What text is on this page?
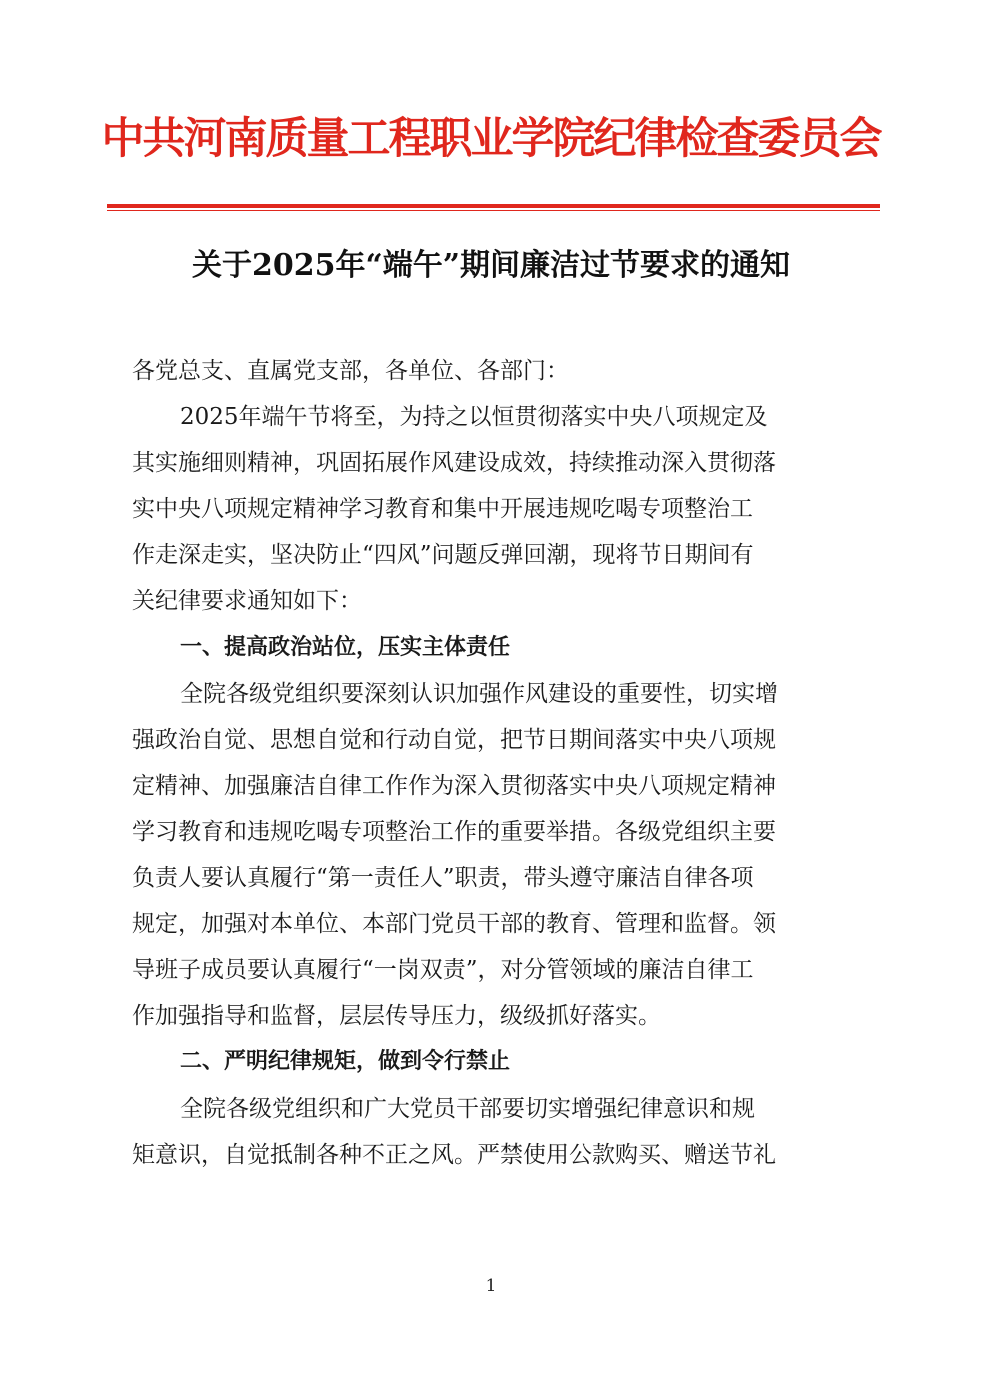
中共河南质量工程职业学院纪律检查委员会
关于2025年“端午”期间廉洁过节要求的通知
各党总支、直属党支部，各单位、各部门：
2025年端午节将至，为持之以恒贯彻落实中央八项规定及
其实施细则精神，巩固拓展作风建设成效，持续推动深入贯彻落
实中央八项规定精神学习教育和集中开展违规吃喝专项整治工
作走深走实，坚决防止“四风”问题反弹回潮，现将节日期间有
关纪律要求通知如下：
一、提高政治站位，压实主体责任
全院各级党组织要深刻认识加强作风建设的重要性，切实增
强政治自觉、思想自觉和行动自觉，把节日期间落实中央八项规
定精神、加强廉洁自律工作作为深入贯彻落实中央八项规定精神
学习教育和违规吃喝专项整治工作的重要举措。各级党组织主要
负责人要认真履行“第一责任人”职责，带头遵守廉洁自律各项
规定，加强对本单位、本部门党员干部的教育、管理和监督。领
导班子成员要认真履行“一岗双责”，对分管领域的廉洁自律工
作加强指导和监督，层层传导压力，级级抓好落实。
二、严明纪律规矩，做到令行禁止
全院各级党组织和广大党员干部要切实增强纪律意识和规
矩意识，自觉抵制各种不正之风。严禁使用公款购买、赠送节礼
1
